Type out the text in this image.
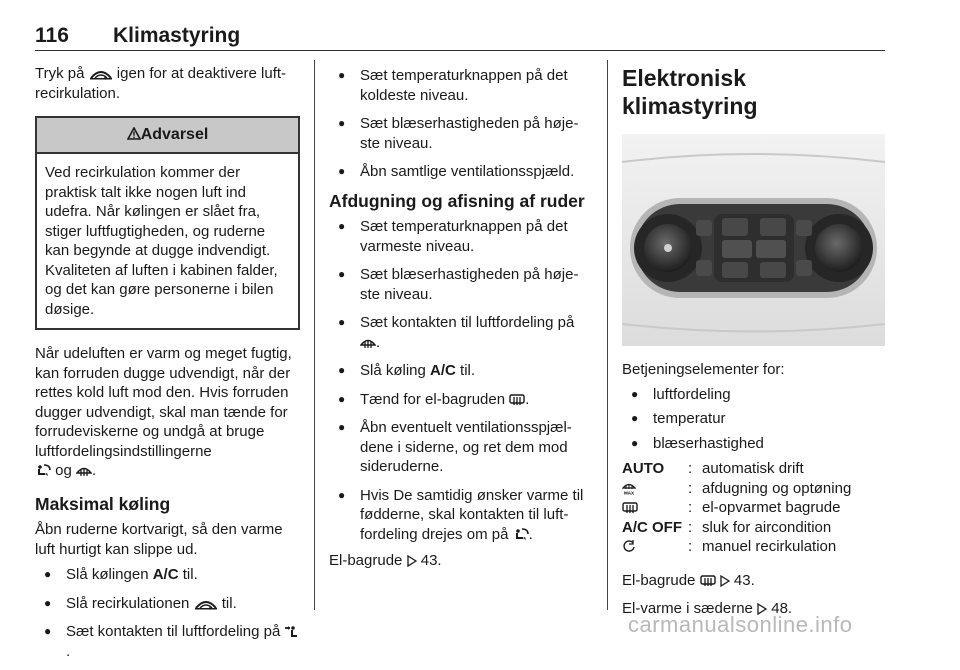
116 Klimastyring

Tryk på igen for at deaktivere luft-recirkulation.

Advarsel
Ved recirkulation kommer der praktisk talt ikke nogen luft ind udefra. Når kølingen er slået fra, stiger luftfugtigheden, og ruderne kan begynde at dugge indvendigt. Kvaliteten af luften i kabinen falder, og det kan gøre personerne i bilen døsige.

Når udeluften er varm og meget fugtig, kan forruden dugge udvendigt, når der rettes kold luft mod den. Hvis forruden dugger udvendigt, skal man tænde for forrudeviskerne og undgå at bruge luftfordelingsindstillingerne

og .

Maksimal køling

Åbn ruderne kortvarigt, så den varme luft hurtigt kan slippe ud.

● Slå kølingen A/C til.
● Slå recirkulationen til.
● Sæt kontakten til luftfordeling på
.
● Sæt temperaturknappen på det koldeste niveau.
● Sæt blæserhastigheden på høje-ste niveau.
● Åbn samtlige ventilationsspjæld.
Afdugning og afisning af ruder
● Sæt temperaturknappen på det varmeste niveau.
● Sæt blæserhastigheden på høje-ste niveau.
● Sæt kontakten til luftfordeling på
.
● Slå køling A/C til.
● Tænd for el-bagruden .
● Åbn eventuelt ventilationsspjæl-dene i siderne, og ret dem mod sideruderne.
● Hvis De samtidig ønsker varme til fødderne, skal kontakten til luft-fordeling drejes om på .

El-bagrude 43.

Elektronisk klimastyring

Betjeningselementer for:

● luftfordeling
● temperatur
● blæserhastighed
AUTO	:	automatisk drift

MAX	:	afdugning og optøning

	:	el-opvarmet bagrude
A/C OFF	:	sluk for aircondition

	:	manuel recirkulation

El-bagrude
	43.

El-varme i sæderne 48.

carmanualsonline.info
